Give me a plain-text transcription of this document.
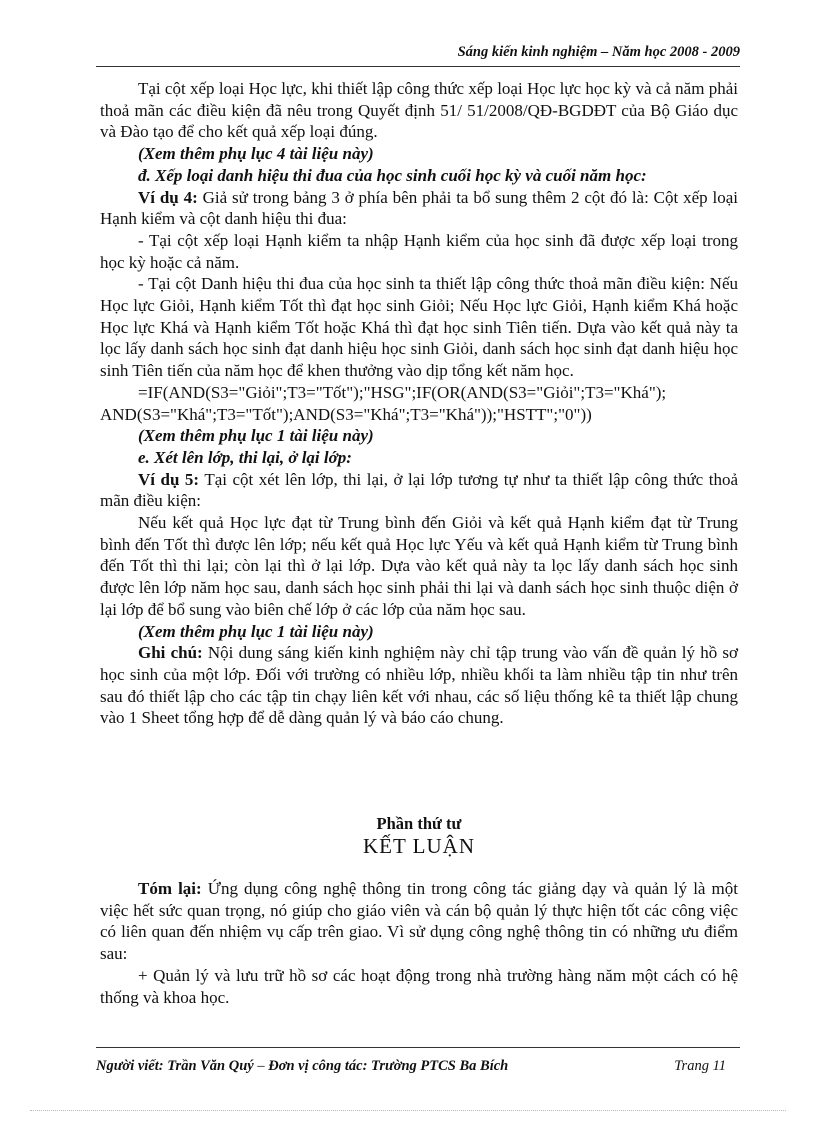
Sáng kiến kinh nghiệm – Năm học 2008 - 2009

Tại cột xếp loại Học lực, khi thiết lập công thức xếp loại Học lực học kỳ và cả năm phải thoả mãn các điều kiện đã nêu trong Quyết định 51/ 51/2008/QĐ-BGDĐT của Bộ Giáo dục và Đào tạo để cho kết quả xếp loại đúng.

(Xem thêm phụ lục 4 tài liệu này)

đ. Xếp loại danh hiệu thi đua của học sinh cuối học kỳ và cuối năm học:

Ví dụ 4: Giả sử trong bảng 3 ở phía bên phải ta bổ sung thêm 2 cột đó là: Cột xếp loại Hạnh kiểm và cột danh hiệu thi đua:

- Tại cột xếp loại Hạnh kiểm ta nhập Hạnh kiểm của học sinh đã được xếp loại trong học kỳ hoặc cả năm.

- Tại cột Danh hiệu thi đua của học sinh ta thiết lập công thức thoả mãn điều kiện: Nếu Học lực Giỏi, Hạnh kiểm Tốt thì đạt học sinh Giỏi; Nếu Học lực Giỏi, Hạnh kiểm Khá hoặc Học lực Khá và Hạnh kiểm Tốt hoặc Khá thì đạt học sinh Tiên tiến. Dựa vào kết quả này ta lọc lấy danh sách học sinh đạt danh hiệu học sinh Giỏi, danh sách học sinh đạt danh hiệu học sinh Tiên tiến của năm học để khen thưởng vào dịp tổng kết năm học.

=IF(AND(S3="Giỏi";T3="Tốt");"HSG";IF(OR(AND(S3="Giỏi";T3="Khá"); AND(S3="Khá";T3="Tốt");AND(S3="Khá";T3="Khá"));"HSTT";"0"))

(Xem thêm phụ lục 1 tài liệu này)

e. Xét lên lớp, thi lại, ở lại lớp:

Ví dụ 5: Tại cột xét lên lớp, thi lại, ở lại lớp tương tự như ta thiết lập công thức thoả mãn điều kiện:

Nếu kết quả Học lực đạt từ Trung bình đến Giỏi và kết quả Hạnh kiểm đạt từ Trung bình đến Tốt thì được lên lớp; nếu kết quả Học lực Yếu và kết quả Hạnh kiểm từ Trung bình đến Tốt thì thi lại; còn lại thì ở lại lớp. Dựa vào kết quả này ta lọc lấy danh sách học sinh được lên lớp năm học sau, danh sách học sinh phải thi lại và danh sách học sinh thuộc diện ở lại lớp để bổ sung vào biên chế lớp ở các lớp của năm học sau.

(Xem thêm phụ lục 1 tài liệu này)

Ghi chú: Nội dung sáng kiến kinh nghiệm này chỉ tập trung vào vấn đề quản lý hồ sơ học sinh của một lớp. Đối với trường có nhiều lớp, nhiều khối ta làm nhiều tập tin như trên sau đó thiết lập cho các tập tin chạy liên kết với nhau, các số liệu thống kê ta thiết lập chung vào 1 Sheet tổng hợp để dễ dàng quản lý và báo cáo chung.

Phần thứ tư
KẾT LUẬN

Tóm lại: Ứng dụng công nghệ thông tin trong công tác giảng dạy và quản lý là một việc hết sức quan trọng, nó giúp cho giáo viên và cán bộ quản lý thực hiện tốt các công việc có liên quan đến nhiệm vụ cấp trên giao. Vì sử dụng công nghệ thông tin có những ưu điểm sau:

+ Quản lý và lưu trữ hồ sơ các hoạt động trong nhà trường hàng năm một cách có hệ thống và khoa học.

Người viết: Trần Văn Quý – Đơn vị công tác: Trường PTCS Ba Bích	Trang 11
